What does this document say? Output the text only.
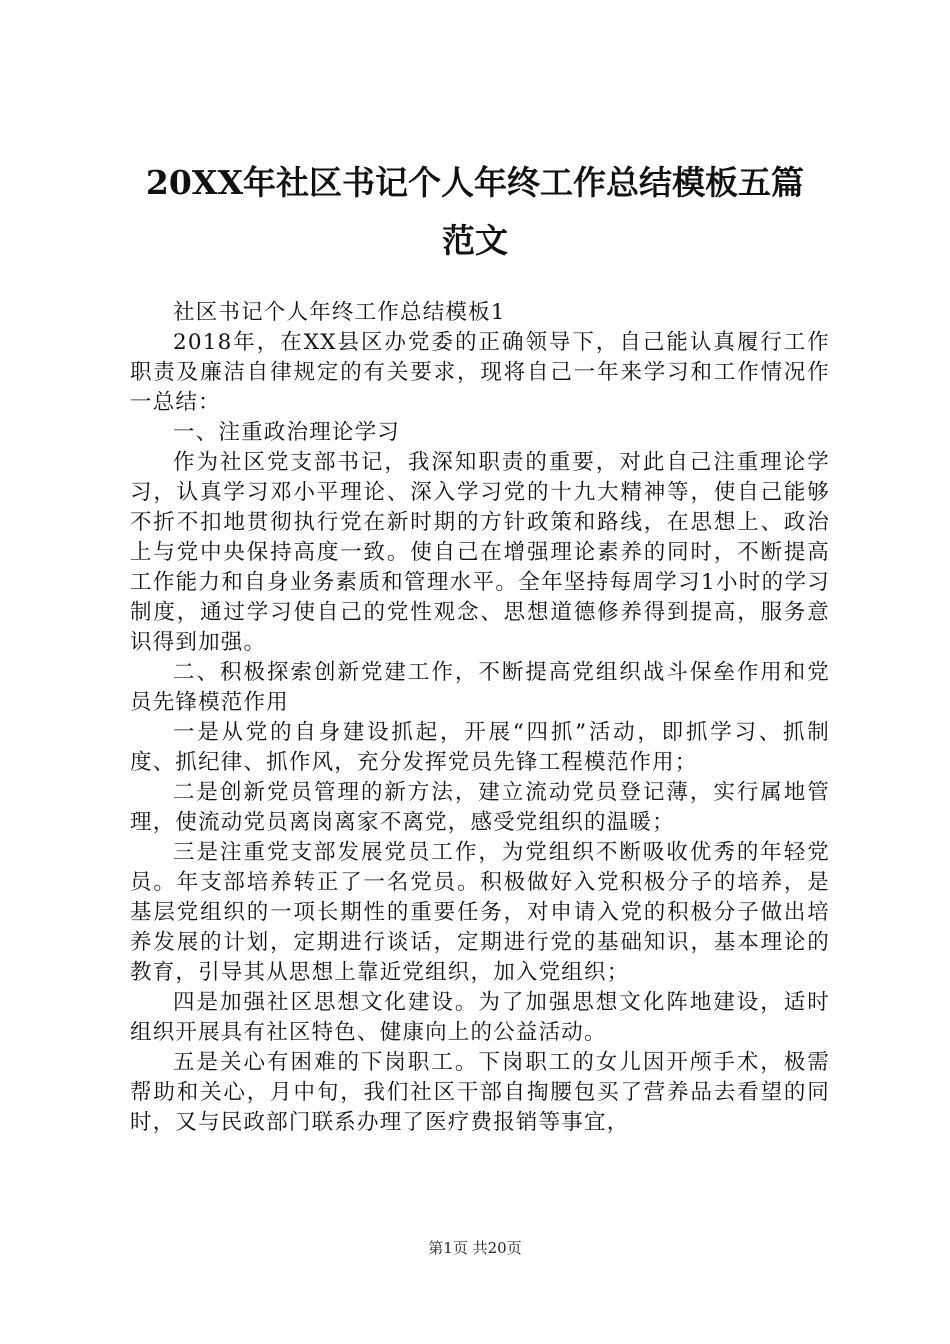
20XX年社区书记个人年终工作总结模板五篇
范文

社区书记个人年终工作总结模板1

2018年，在XX县区办党委的正确领导下，自己能认真履行工作职责及廉洁自律规定的有关要求，现将自己一年来学习和工作情况作一总结：

一、注重政治理论学习

作为社区党支部书记，我深知职责的重要，对此自己注重理论学习，认真学习邓小平理论、深入学习党的十九大精神等，使自己能够不折不扣地贯彻执行党在新时期的方针政策和路线，在思想上、政治上与党中央保持高度一致。使自己在增强理论素养的同时，不断提高工作能力和自身业务素质和管理水平。全年坚持每周学习1小时的学习制度，通过学习使自己的党性观念、思想道德修养得到提高，服务意识得到加强。

二、积极探索创新党建工作，不断提高党组织战斗保垒作用和党员先锋模范作用

一是从党的自身建设抓起，开展“四抓”活动，即抓学习、抓制度、抓纪律、抓作风，充分发挥党员先锋工程模范作用；

二是创新党员管理的新方法，建立流动党员登记薄，实行属地管理，使流动党员离岗离家不离党，感受党组织的温暖；

三是注重党支部发展党员工作，为党组织不断吸收优秀的年轻党员。年支部培养转正了一名党员。积极做好入党积极分子的培养，是基层党组织的一项长期性的重要任务，对申请入党的积极分子做出培养发展的计划，定期进行谈话，定期进行党的基础知识，基本理论的教育，引导其从思想上靠近党组织，加入党组织；

四是加强社区思想文化建设。为了加强思想文化阵地建设，适时组织开展具有社区特色、健康向上的公益活动。

五是关心有困难的下岗职工。下岗职工的女儿因开颅手术，极需帮助和关心，月中旬，我们社区干部自掏腰包买了营养品去看望的同时，又与民政部门联系办理了医疗费报销等事宜，

第1页 共20页
